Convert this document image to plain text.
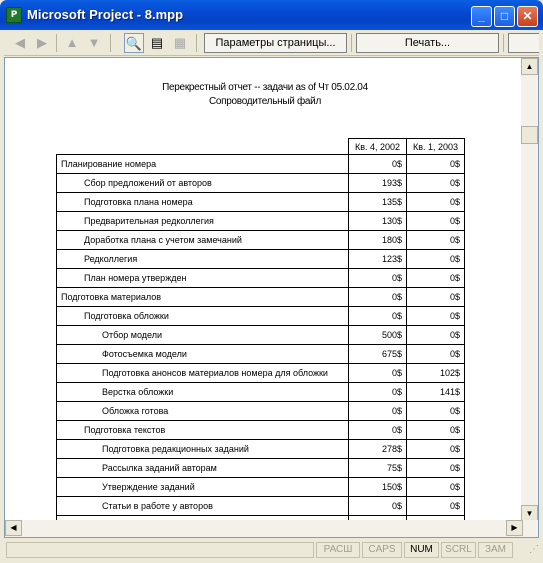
P Microsoft Project - 8.mpp	_	□	✕
◀ ▶	▲ ▼ 🔍 ▤ ▦	Параметры страницы...	Печать...
Перекрестный отчет -- задачи as of Чт 05.02.04
Сопроводительный файл
	Кв. 4, 2002	Кв. 1, 2003
Планирование номера	0$	0$
Сбор предложений от авторов	193$	0$
Подготовка плана номера	135$	0$
Предварительная редколлегия	130$	0$
Доработка плана с учетом замечаний	180$	0$
Редколлегия	123$	0$
План номера утвержден	0$	0$
Подготовка материалов	0$	0$
Подготовка обложки	0$	0$
Отбор модели	500$	0$
Фотосъемка модели	675$	0$
Подготовка анонсов материалов номера для обложки	0$	102$
Верстка обложки	0$	141$
Обложка готова	0$	0$
Подготовка текстов	0$	0$
Подготовка редакционных заданий	278$	0$
Рассылка заданий авторам	75$	0$
Утверждение заданий	150$	0$
Статьи в работе у авторов	0$	0$

▲
▼
◀	▶
РАСШ	CAPS	NUM	SCRL	ЗАМ	⋰
